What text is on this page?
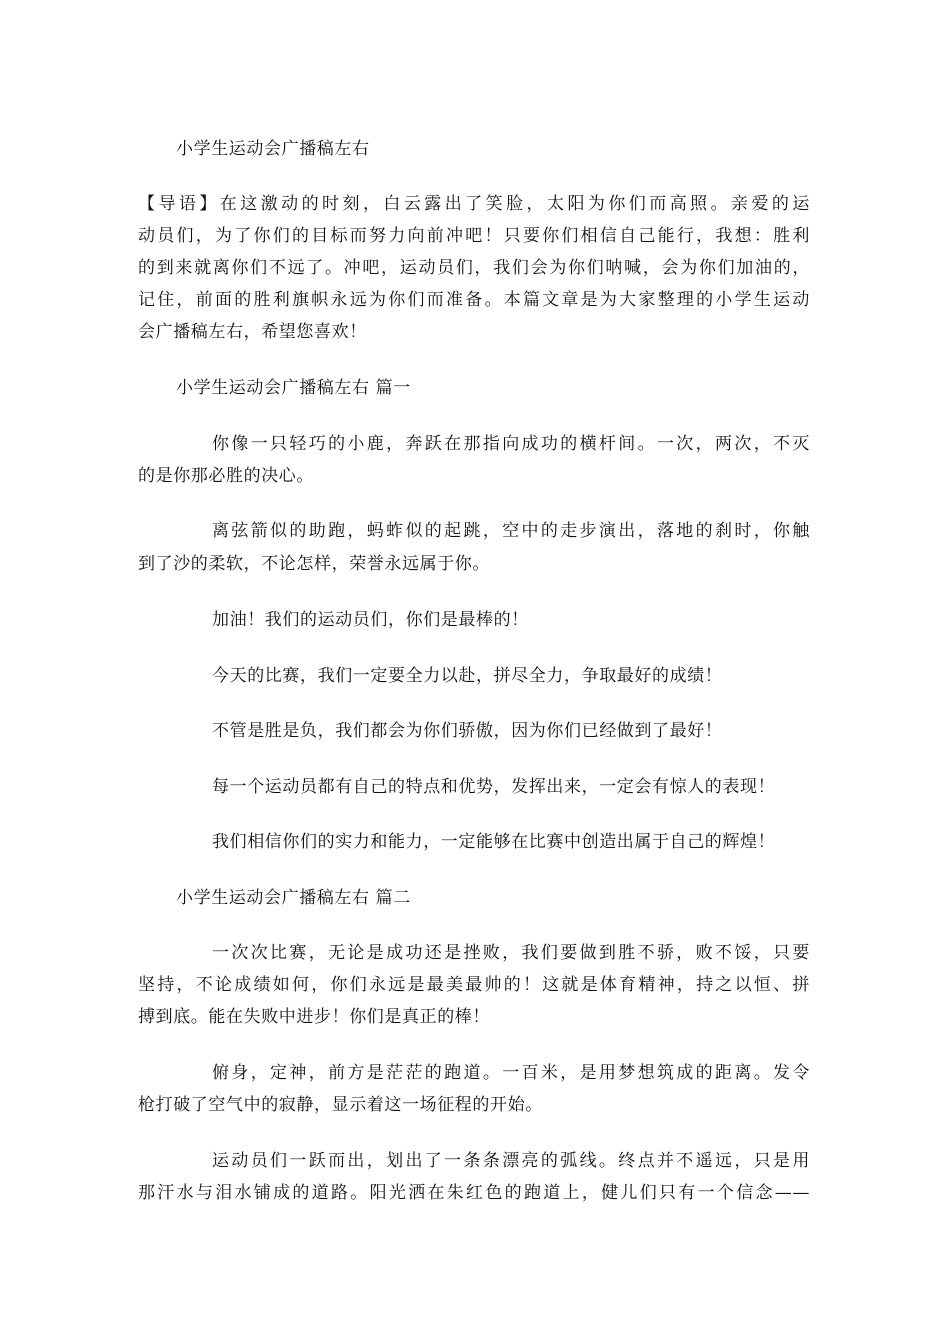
小学生运动会广播稿左右
【导语】在这激动的时刻，白云露出了笑脸，太阳为你们而高照。亲爱的运
动员们，为了你们的目标而努力向前冲吧！只要你们相信自己能行，我想：胜利
的到来就离你们不远了。冲吧，运动员们，我们会为你们呐喊，会为你们加油的，
记住，前面的胜利旗帜永远为你们而准备。本篇文章是为大家整理的小学生运动
会广播稿左右，希望您喜欢！
小学生运动会广播稿左右 篇一
你像一只轻巧的小鹿，奔跃在那指向成功的横杆间。一次，两次，不灭
的是你那必胜的决心。
离弦箭似的助跑，蚂蚱似的起跳，空中的走步演出，落地的刹时，你触
到了沙的柔软，不论怎样，荣誉永远属于你。
加油！我们的运动员们，你们是最棒的！
今天的比赛，我们一定要全力以赴，拼尽全力，争取最好的成绩！
不管是胜是负，我们都会为你们骄傲，因为你们已经做到了最好！
每一个运动员都有自己的特点和优势，发挥出来，一定会有惊人的表现！
我们相信你们的实力和能力，一定能够在比赛中创造出属于自己的辉煌！
小学生运动会广播稿左右 篇二
一次次比赛，无论是成功还是挫败，我们要做到胜不骄，败不馁，只要
坚持，不论成绩如何，你们永远是最美最帅的！这就是体育精神，持之以恒、拼
搏到底。能在失败中进步！你们是真正的棒！
俯身，定神，前方是茫茫的跑道。一百米，是用梦想筑成的距离。发令
枪打破了空气中的寂静，显示着这一场征程的开始。
运动员们一跃而出，划出了一条条漂亮的弧线。终点并不遥远，只是用
那汗水与泪水铺成的道路。阳光洒在朱红色的跑道上，健儿们只有一个信念——
